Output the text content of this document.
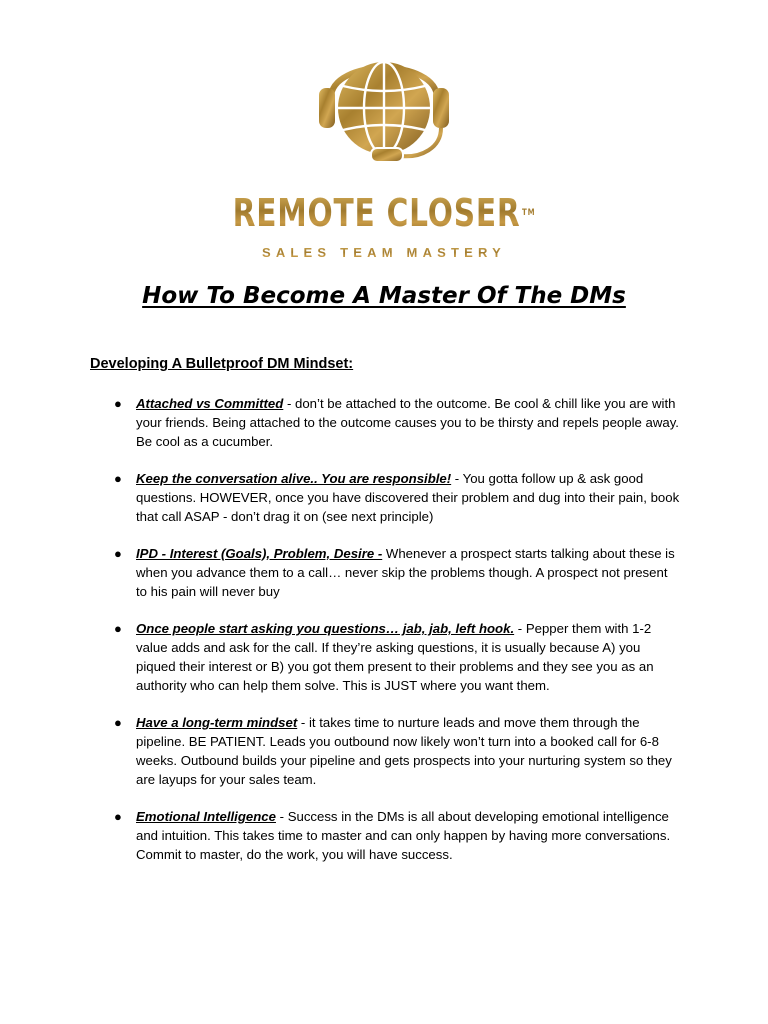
REMOTE CLOSER ™
SALES TEAM MASTERY
How To Become A Master Of The DMs
Developing A Bulletproof DM Mindset:
● Attached vs Committed - don’t be attached to the outcome. Be cool & chill like you are with your friends. Being attached to the outcome causes you to be thirsty and repels people away. Be cool as a cucumber.
● Keep the conversation alive.. You are responsible! - You gotta follow up & ask good questions. HOWEVER, once you have discovered their problem and dug into their pain, book that call ASAP - don’t drag it on (see next principle)
● IPD - Interest (Goals), Problem, Desire - Whenever a prospect starts talking about these is when you advance them to a call… never skip the problems though. A prospect not present to his pain will never buy
● Once people start asking you questions… jab, jab, left hook. - Pepper them with 1-2 value adds and ask for the call. If they’re asking questions, it is usually because A) you piqued their interest or B) you got them present to their problems and they see you as an authority who can help them solve. This is JUST where you want them.
● Have a long-term mindset - it takes time to nurture leads and move them through the pipeline. BE PATIENT. Leads you outbound now likely won’t turn into a booked call for 6-8 weeks. Outbound builds your pipeline and gets prospects into your nurturing system so they are layups for your sales team.
● Emotional Intelligence - Success in the DMs is all about developing emotional intelligence and intuition. This takes time to master and can only happen by having more conversations. Commit to master, do the work, you will have success.
